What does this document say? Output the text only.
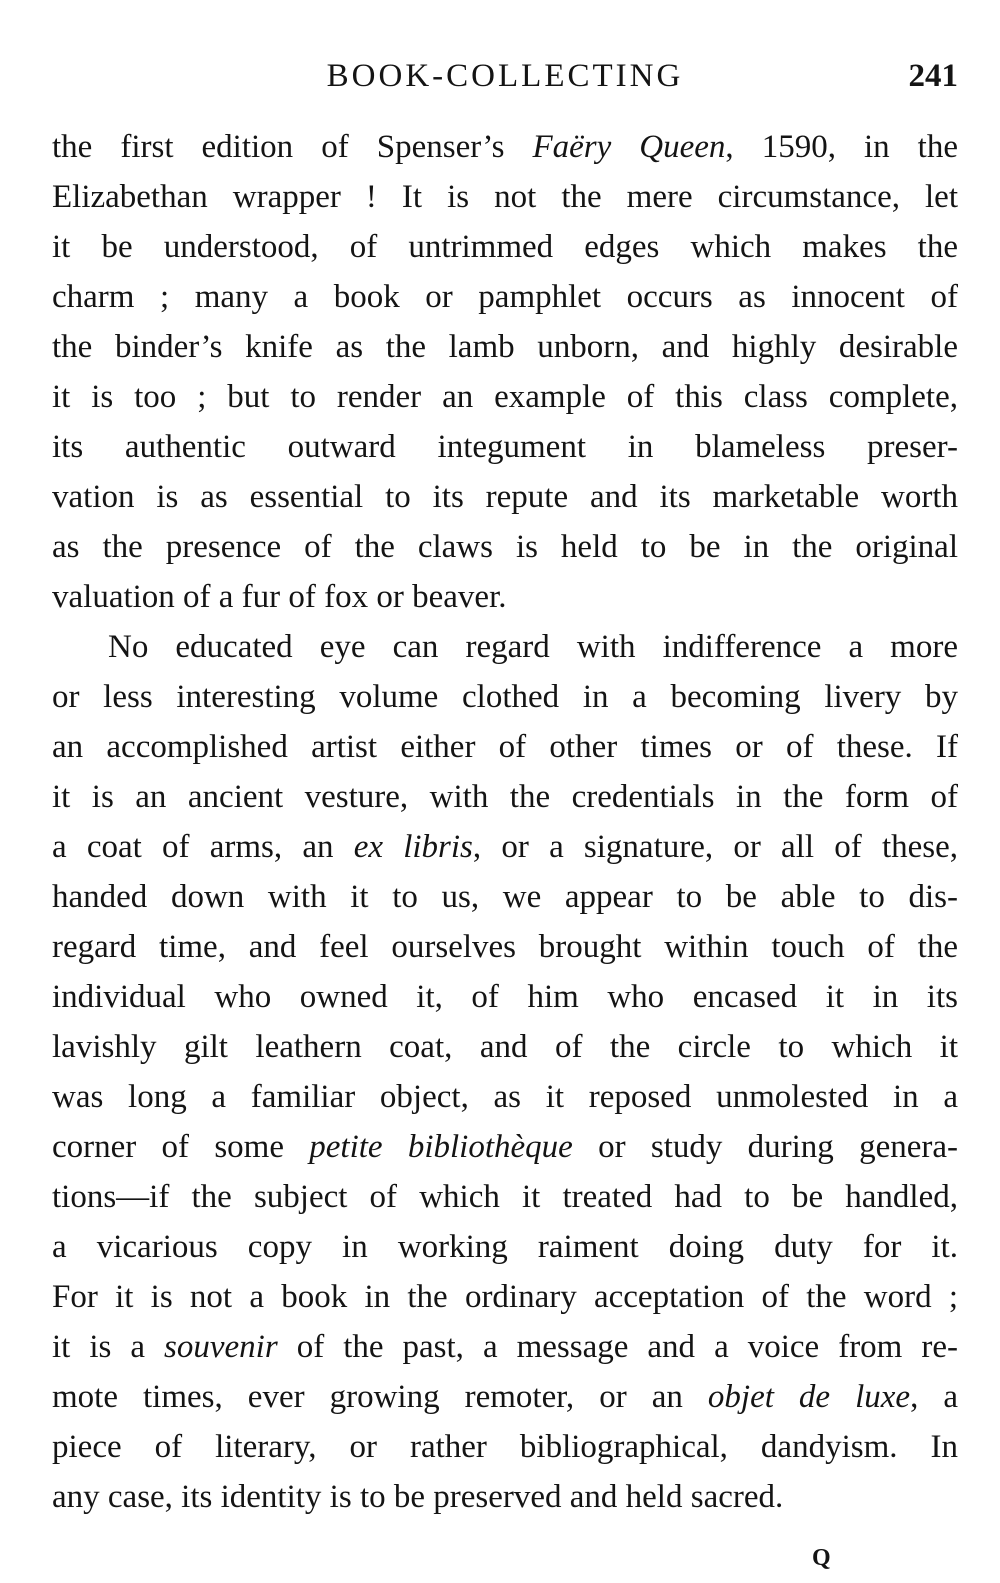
BOOK-COLLECTING	241
the first edition of Spenser’s Faëry Queen, 1590, in the
Elizabethan wrapper ! It is not the mere circumstance, let
it be understood, of untrimmed edges which makes the
charm ; many a book or pamphlet occurs as innocent of
the binder’s knife as the lamb unborn, and highly desirable
it is too ; but to render an example of this class complete,
its authentic outward integument in blameless preser-
vation is as essential to its repute and its marketable worth
as the presence of the claws is held to be in the original
valuation of a fur of fox or beaver.
No educated eye can regard with indifference a more
or less interesting volume clothed in a becoming livery by
an accomplished artist either of other times or of these. If
it is an ancient vesture, with the credentials in the form of
a coat of arms, an ex libris, or a signature, or all of these,
handed down with it to us, we appear to be able to dis-
regard time, and feel ourselves brought within touch of the
individual who owned it, of him who encased it in its
lavishly gilt leathern coat, and of the circle to which it
was long a familiar object, as it reposed unmolested in a
corner of some petite bibliothèque or study during genera-
tions—if the subject of which it treated had to be handled,
a vicarious copy in working raiment doing duty for it.
For it is not a book in the ordinary acceptation of the word ;
it is a souvenir of the past, a message and a voice from re-
mote times, ever growing remoter, or an objet de luxe, a
piece of literary, or rather bibliographical, dandyism. In
any case, its identity is to be preserved and held sacred.
Q
